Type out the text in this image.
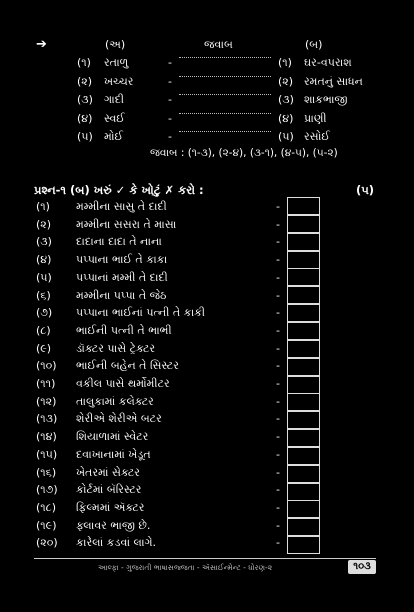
➔	(અ)	જવાબ	(બ)
(૧) રતાળુ	-	(૧) ઘર-વપરાશ
(૨) ખચ્ચર	-	(૨) રમતનું સાધન
(૩) ગાદી	-	(૩) શાકભાજી
(૪) સ્વઈ	-	(૪) પ્રાણી
(૫) મોઈ	-	(૫) રસોઈ
જવાબ : (૧-૩), (૨-૪), (૩-૧), (૪-૫), (૫-૨)
પ્રશ્ન-૧ (બ) ખરું ✓ કે ખોટું ✗ કરો :	(૫)
(૧) મમ્મીના સાસુ તે દાદી	-
(૨) મમ્મીના સસરા તે માસા	-
(૩) દાદાના દાદા તે નાના	-
(૪) પપ્પાના ભાઈ તે કાકા	-
(૫) પપ્પાનાં મમ્મી તે દાદી	-
(૬) મમ્મીના પપ્પા તે જેઠ	-
(૭) પપ્પાના ભાઈનાં પત્ની તે કાકી	-
(૮) ભાઈની પત્ની તે ભાભી	-
(૯) ડૉક્ટર પાસે ટ્રેક્ટર	-
(૧૦) ભાઈની બહેન તે સિસ્ટર	-
(૧૧) વકીલ પાસે થર્મોમીટર	-
(૧૨) તાલુકામાં કલેક્ટર	-
(૧૩) શેરીએ શેરીએ બટર	-
(૧૪) શિયાળામાં સ્વેટર	-
(૧૫) દવાખાનામાં ખેડૂત	-
(૧૬) ખેતરમાં સેક્ટર	-
(૧૭) કોર્ટમાં બૅરિસ્ટર	-
(૧૮) ફિલ્મમાં ઍક્ટર	-
(૧૯) ફ્લાવર ભાજી છે.	-
(૨૦) કારેલાં કડવાં લાગે.	-
આલ્ફા - ગુજરાતી ભાષાસજ્જતા - ઍસાઈન્મેન્ટ - ધોરણ-૨	૧૦૩
